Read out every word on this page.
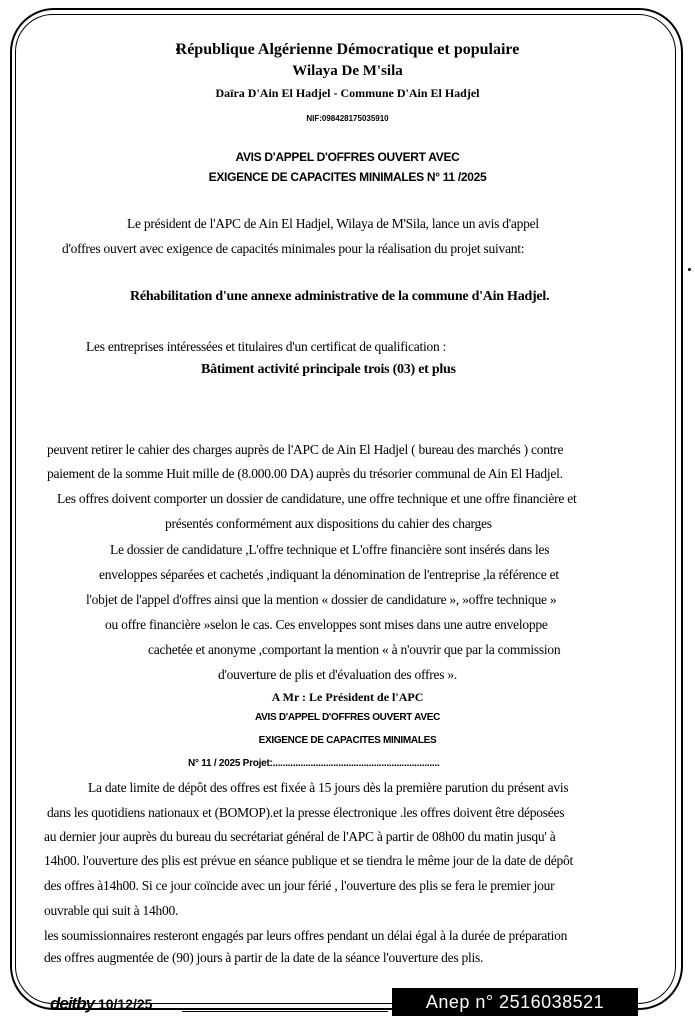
République Algérienne Démocratique et populaire
Wilaya De M'sila
Daïra D'Ain El Hadjel - Commune D'Ain El Hadjel
NIF:098428175035910
AVIS D'APPEL D'OFFRES OUVERT AVEC
EXIGENCE DE CAPACITES MINIMALES N° 11 /2025
Le président de l'APC de Ain El Hadjel, Wilaya de M'Sila, lance un avis d'appel
d'offres ouvert avec exigence de capacités minimales pour la réalisation du projet suivant:
Réhabilitation d'une annexe administrative de la commune d'Ain Hadjel.
Les entreprises intéressées et titulaires d'un certificat de qualification :
Bâtiment activité principale trois (03) et plus
peuvent retirer le cahier des charges auprès de l'APC de Ain El Hadjel ( bureau des marchés ) contre
paiement de la somme Huit mille de (8.000.00 DA) auprès du trésorier communal de Ain El Hadjel.
Les offres doivent comporter un dossier de candidature, une offre technique et une offre financière et
présentés conformément aux dispositions du cahier des charges
Le dossier de candidature ,L'offre technique et L'offre financière sont insérés dans les
enveloppes séparées et cachetés ,indiquant la dénomination de l'entreprise ,la référence et
l'objet de l'appel d'offres ainsi que la mention « dossier de candidature », »offre technique »
ou offre financière »selon le cas. Ces enveloppes sont mises dans une autre enveloppe
cachetée et anonyme ,comportant la mention « à n'ouvrir que par la commission
d'ouverture de plis et d'évaluation des offres ».
A Mr : Le Président de l'APC
AVIS D'APPEL D'OFFRES OUVERT AVEC
EXIGENCE DE CAPACITES MINIMALES
N° 11 / 2025 Projet:..................................................................
La date limite de dépôt des offres est fixée à 15 jours dès la première parution du présent avis
dans les quotidiens nationaux et (BOMOP).et la presse électronique .les offres doivent être déposées
au dernier jour auprès du bureau du secrétariat général de l'APC à partir de 08h00 du matin jusqu' à
14h00. l'ouverture des plis est prévue en séance publique et se tiendra le même jour de la date de dépôt
des offres à14h00. Si ce jour coïncide avec un jour férié , l'ouverture des plis se fera le premier jour
ouvrable qui suit à 14h00.
les soumissionnaires resteront engagés par leurs offres pendant un délai égal à la durée de préparation
des offres augmentée de (90) jours à partir de la date de la séance l'ouverture des plis.
deitby 10/12/25	Anep n° 2516038521
